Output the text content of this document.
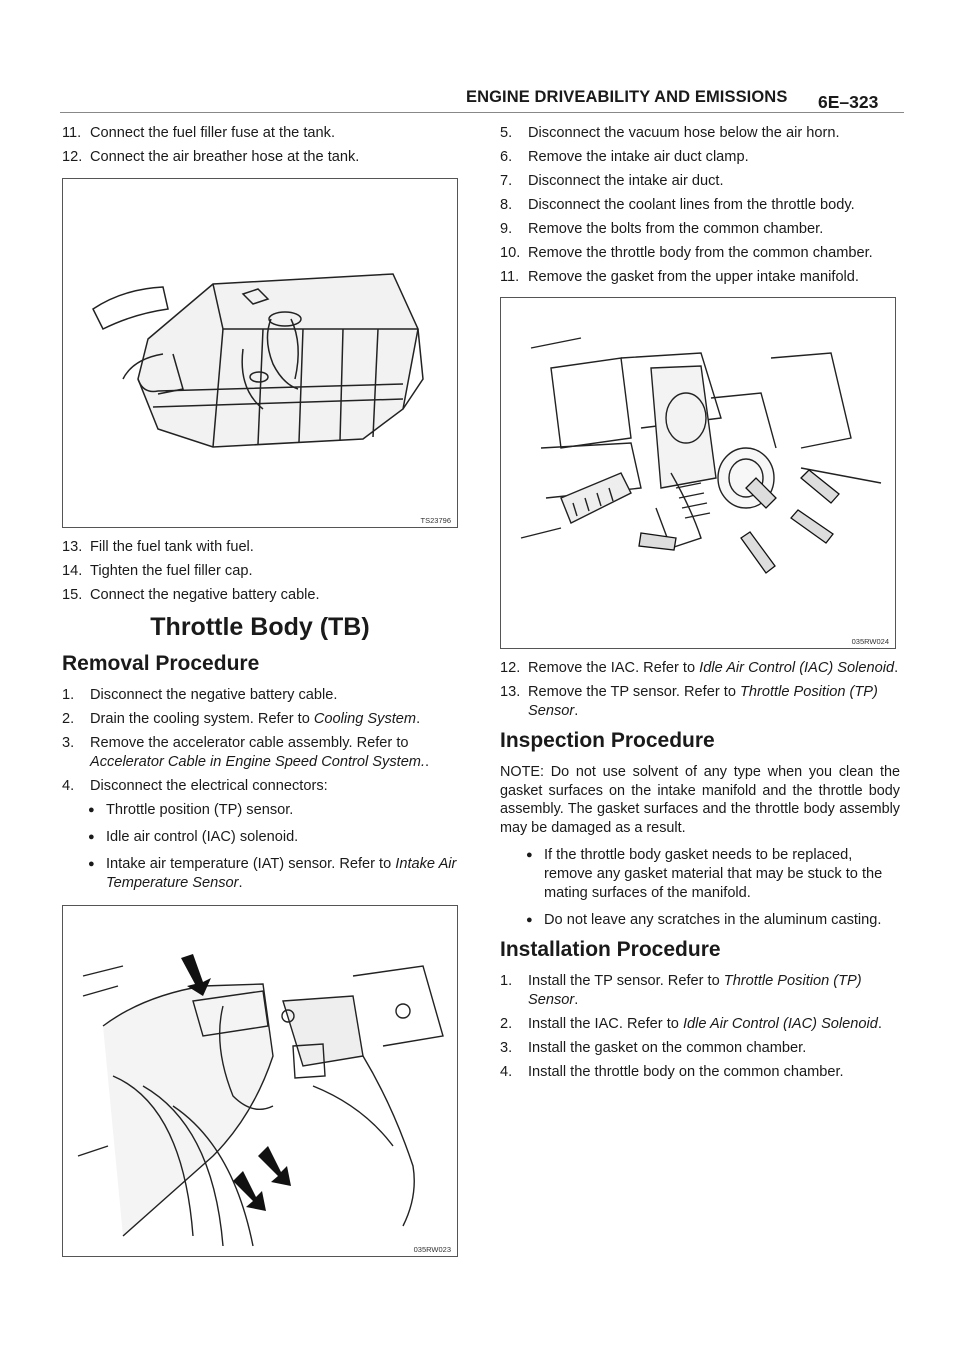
ENGINE DRIVEABILITY AND EMISSIONS 6E–323
11. Connect the fuel filler fuse at the tank.
12. Connect the air breather hose at the tank.
TS23796
13. Fill the fuel tank with fuel.
14. Tighten the fuel filler cap.
15. Connect the negative battery cable.
Throttle Body (TB)
Removal Procedure
1. Disconnect the negative battery cable.
2. Drain the cooling system. Refer to Cooling System.
3. Remove the accelerator cable assembly. Refer to Accelerator Cable in Engine Speed Control System..
4. Disconnect the electrical connectors:
● Throttle position (TP) sensor.
● Idle air control (IAC) solenoid.
● Intake air temperature (IAT) sensor. Refer to Intake Air Temperature Sensor.
035RW023
5. Disconnect the vacuum hose below the air horn.
6. Remove the intake air duct clamp.
7. Disconnect the intake air duct.
8. Disconnect the coolant lines from the throttle body.
9. Remove the bolts from the common chamber.
10. Remove the throttle body from the common chamber.
11. Remove the gasket from the upper intake manifold.
035RW024
12. Remove the IAC. Refer to Idle Air Control (IAC) Solenoid.
13. Remove the TP sensor. Refer to Throttle Position (TP) Sensor.
Inspection Procedure
NOTE: Do not use solvent of any type when you clean the gasket surfaces on the intake manifold and the throttle body assembly. The gasket surfaces and the throttle body assembly may be damaged as a result.
● If the throttle body gasket needs to be replaced, remove any gasket material that may be stuck to the mating surfaces of the manifold.
● Do not leave any scratches in the aluminum casting.
Installation Procedure
1. Install the TP sensor. Refer to Throttle Position (TP) Sensor.
2. Install the IAC. Refer to Idle Air Control (IAC) Solenoid.
3. Install the gasket on the common chamber.
4. Install the throttle body on the common chamber.
